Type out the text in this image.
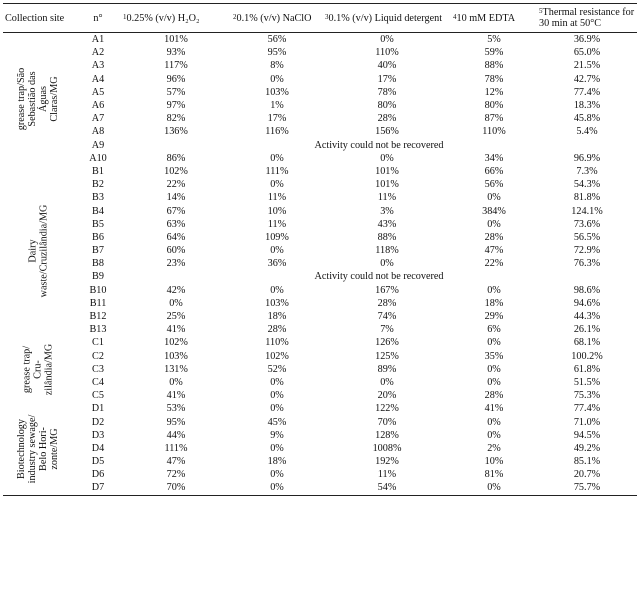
Collection site	n°	$^1$0.25% (v/v) H₂O₂	$^2$0.1% (v/v) NaClO	$^3$0.1% (v/v) Liquid detergent	$^4$10 mM EDTA	$^5$Thermal resistance for 30 min at 50°C
	A1	101%	56%	0%	5%	36.9%
	A2	93%	95%	110%	59%	65.0%
	A3	117%	8%	40%	88%	21.5%
	A4	96%	0%	17%	78%	42.7%
	A5	57%	103%	78%	12%	77.4%
	A6	97%	1%	80%	80%	18.3%
	A7	82%	17%	28%	87%	45.8%
	A8	136%	116%	156%	110%	5.4%
	A9	Activity could not be recovered				
	A10	86%	0%	0%	34%	96.9%
	B1	102%	111%	101%	66%	7.3%
	B2	22%	0%	101%	56%	54.3%
	B3	14%	11%	11%	0%	81.8%
	B4	67%	10%	3%	384%	124.1%
	B5	63%	11%	43%	0%	73.6%
	B6	64%	109%	88%	28%	56.5%
	B7	60%	0%	118%	47%	72.9%
	B8	23%	36%	0%	22%	76.3%
	B9	Activity could not be recovered				
	B10	42%	0%	167%	0%	98.6%
	B11	0%	103%	28%	18%	94.6%
	B12	25%	18%	74%	29%	44.3%
	B13	41%	28%	7%	6%	26.1%
	C1	102%	110%	126%	0%	68.1%
	C2	103%	102%	125%	35%	100.2%
	C3	131%	52%	89%	0%	61.8%
	C4	0%	0%	0%	0%	51.5%
	C5	41%	0%	20%	28%	75.3%
	D1	53%	0%	122%	41%	77.4%
	D2	95%	45%	70%	0%	71.0%
	D3	44%	9%	128%	0%	94.5%
	D4	111%	0%	1008%	2%	49.2%
	D5	47%	18%	192%	10%	85.1%
	D6	72%	0%	11%	81%	20.7%
	D7	70%	0%	54%	0%	75.7%
grease trap/São Sebastião das Águas Claras/MG
Dairy waste/Cruzilândia/MG
grease trap/ Cru-zilândia/MG
Biotechnology industry sewage/ Belo Hori-zonte/MG
